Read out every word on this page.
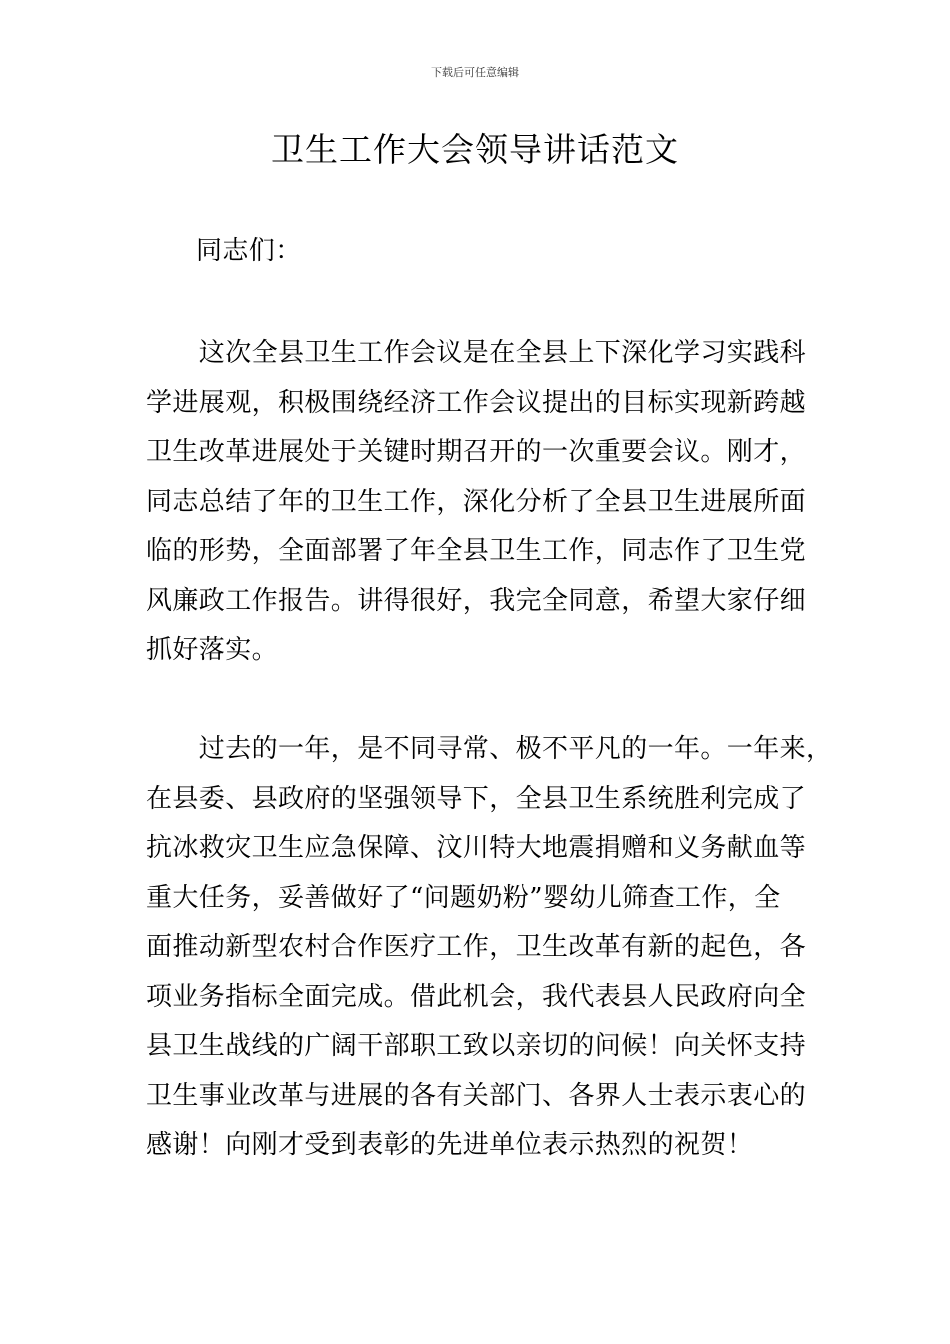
下载后可任意编辑
卫生工作大会领导讲话范文
同志们：
　　这次全县卫生工作会议是在全县上下深化学习实践科
学进展观，积极围绕经济工作会议提出的目标实现新跨越
卫生改革进展处于关键时期召开的一次重要会议。刚才，
同志总结了年的卫生工作，深化分析了全县卫生进展所面
临的形势，全面部署了年全县卫生工作，同志作了卫生党
风廉政工作报告。讲得很好，我完全同意，希望大家仔细
抓好落实。
　　过去的一年，是不同寻常、极不平凡的一年。一年来，
在县委、县政府的坚强领导下，全县卫生系统胜利完成了
抗冰救灾卫生应急保障、汶川特大地震捐赠和义务献血等
重大任务，妥善做好了“问题奶粉”婴幼儿筛查工作，全
面推动新型农村合作医疗工作，卫生改革有新的起色，各
项业务指标全面完成。借此机会，我代表县人民政府向全
县卫生战线的广阔干部职工致以亲切的问候！向关怀支持
卫生事业改革与进展的各有关部门、各界人士表示衷心的
感谢！向刚才受到表彰的先进单位表示热烈的祝贺！
